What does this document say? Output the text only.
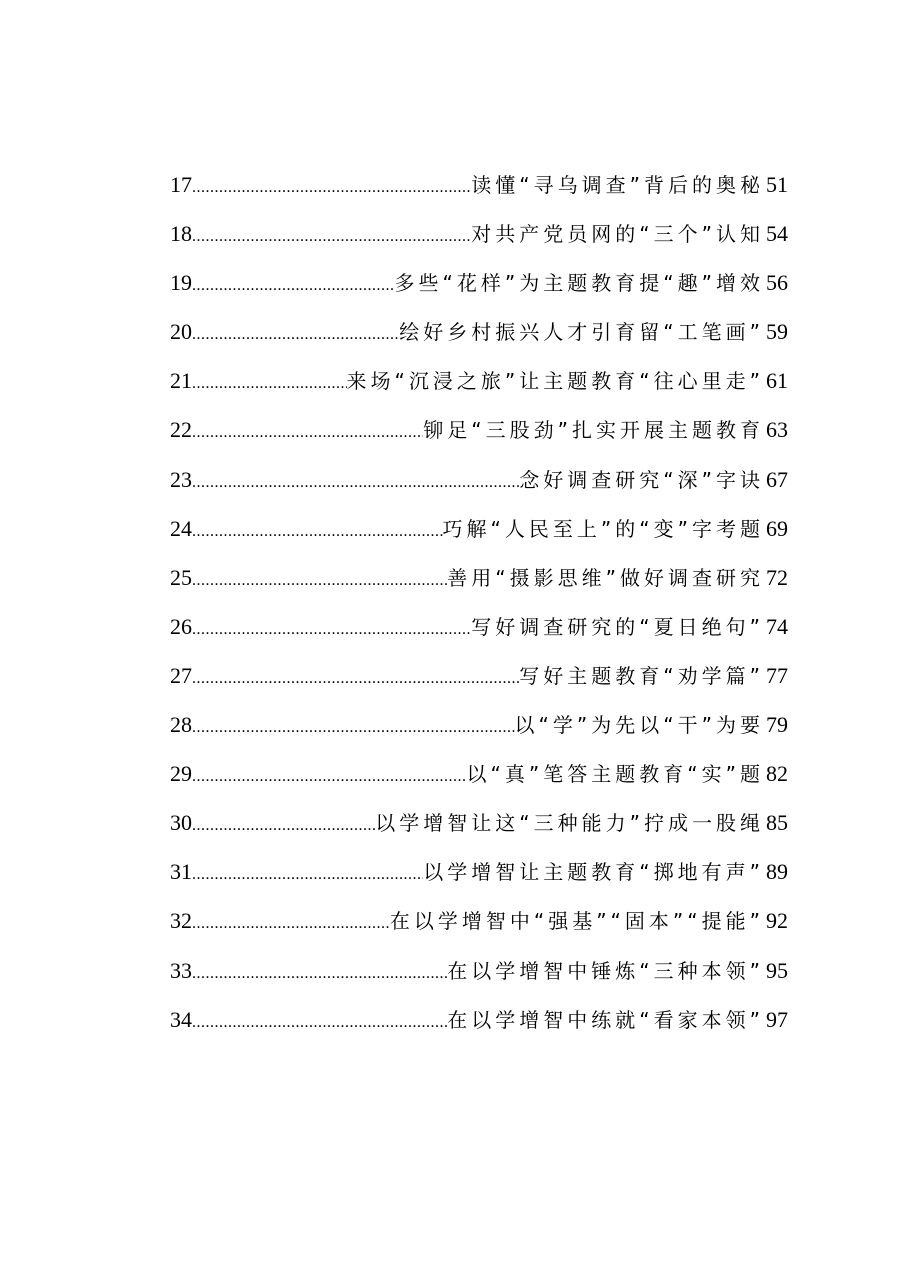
17 .....	读懂“寻乌调查”背后的奥秘 51
18 .....	对共产党员网的“三个”认知 54
19 .....	多些“花样”为主题教育提“趣”增效 56
20 .....	绘好乡村振兴人才引育留“工笔画” 59
21 .....	来场“沉浸之旅”让主题教育“往心里走” 61
22 .....	铆足“三股劲”扎实开展主题教育 63
23 .....	念好调查研究“深”字诀 67
24 .....	巧解“人民至上”的“变”字考题 69
25 .....	善用“摄影思维”做好调查研究 72
26 .....	写好调查研究的“夏日绝句” 74
27 .....	写好主题教育“劝学篇” 77
28 .....	以“学”为先以“干”为要 79
29 .....	以“真”笔答主题教育“实”题 82
30 .....	以学增智让这“三种能力”拧成一股绳 85
31 .....	以学增智让主题教育“掷地有声” 89
32 .....	在以学增智中“强基”“固本”“提能” 92
33 .....	在以学增智中锤炼“三种本领” 95
34 .....	在以学增智中练就“看家本领” 97
